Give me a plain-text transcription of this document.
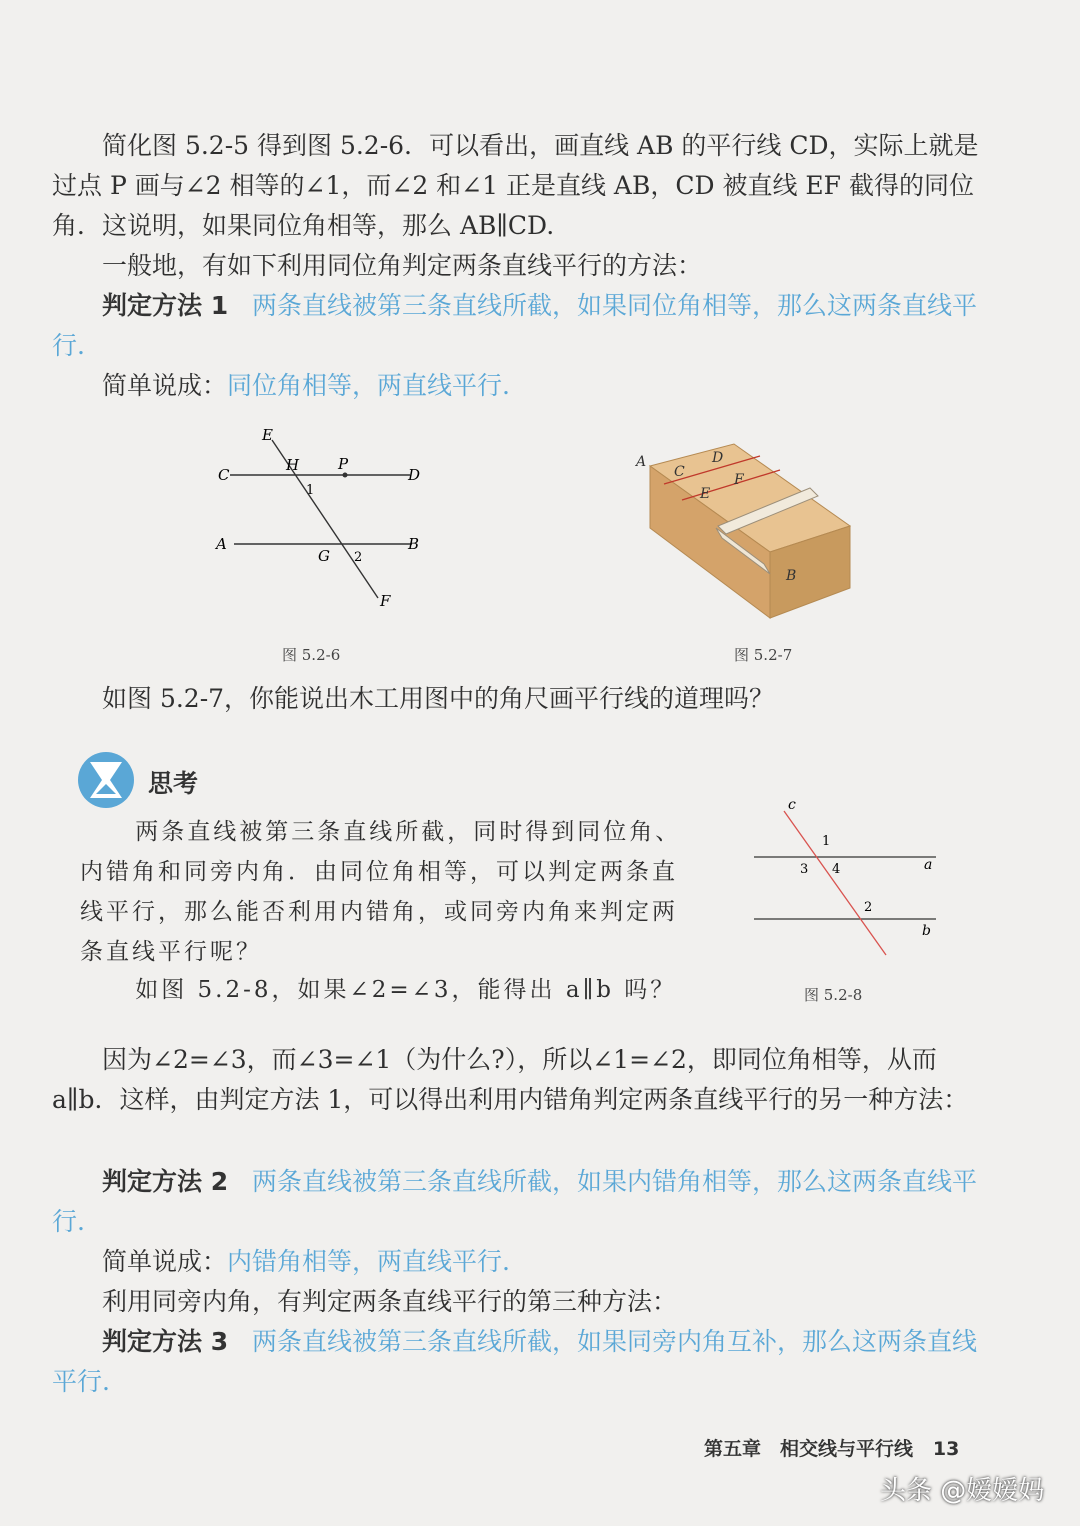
简化图 5.2-5 得到图 5.2-6．可以看出，画直线 AB 的平行线 CD，实际上就是过点 P 画与∠2 相等的∠1，而∠2 和∠1 正是直线 AB，CD 被直线 EF 截得的同位角．这说明，如果同位角相等，那么 AB∥CD.

一般地，有如下利用同位角判定两条直线平行的方法：

判定方法 1 两条直线被第三条直线所截，如果同位角相等，那么这两条直线平行.

简单说成：同位角相等，两直线平行.

E
C
H	P
D
1
A
G 2
B
F
图 5.2-6
A
C
D
E
F
B
图 5.2-7

如图 5.2-7，你能说出木工用图中的角尺画平行线的道理吗？

思考

两条直线被第三条直线所截，同时得到同位角、内错角和同旁内角．由同位角相等，可以判定两条直线平行，那么能否利用内错角，或同旁内角来判定两条直线平行呢？

如图 5.2-8，如果∠2=∠3，能得出 a∥b 吗？

c
1
3 4	a
2
b
图 5.2-8

因为∠2=∠3，而∠3=∠1（为什么?），所以∠1=∠2，即同位角相等，从而 a∥b．这样，由判定方法 1，可以得出利用内错角判定两条直线平行的另一种方法：

判定方法 2 两条直线被第三条直线所截，如果内错角相等，那么这两条直线平行.

简单说成：内错角相等，两直线平行.

利用同旁内角，有判定两条直线平行的第三种方法：

判定方法 3 两条直线被第三条直线所截，如果同旁内角互补，那么这两条直线平行.

第五章　相交线与平行线 13
头条 @嫒嫒妈
